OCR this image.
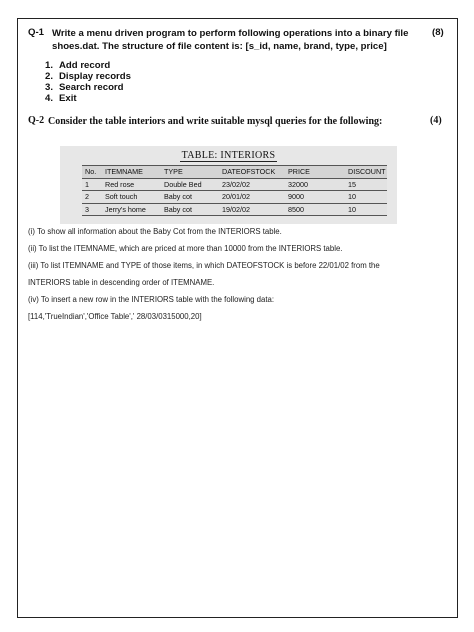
Q-1 Write a menu driven program to perform following operations into a binary file
shoes.dat. The structure of file content is: [s_id, name, brand, type, price]
(8)
1. Add record
2. Display records
3. Search record
4. Exit
Q-2 Consider the table interiors and write suitable mysql queries for the following:	(4)
TABLE: INTERIORS
No.	ITEMNAME	TYPE	DATEOFSTOCK	PRICE	DISCOUNT
1	Red rose	Double Bed	23/02/02	32000	15
2	Soft touch	Baby cot	20/01/02	9000	10
3	Jerry's home	Baby cot	19/02/02	8500	10
(i) To show all information about the Baby Cot from the INTERIORS table.
(ii) To list the ITEMNAME, which are priced at more than 10000 from the INTERIORS table.
(iii) To list ITEMNAME and TYPE of those items, in which DATEOFSTOCK is before 22/01/02 from the
INTERIORS table in descending order of ITEMNAME.
(iv) To insert a new row in the INTERIORS table with the following data:
[114,'TrueIndian','Office Table',' 28/03/0315000,20]
